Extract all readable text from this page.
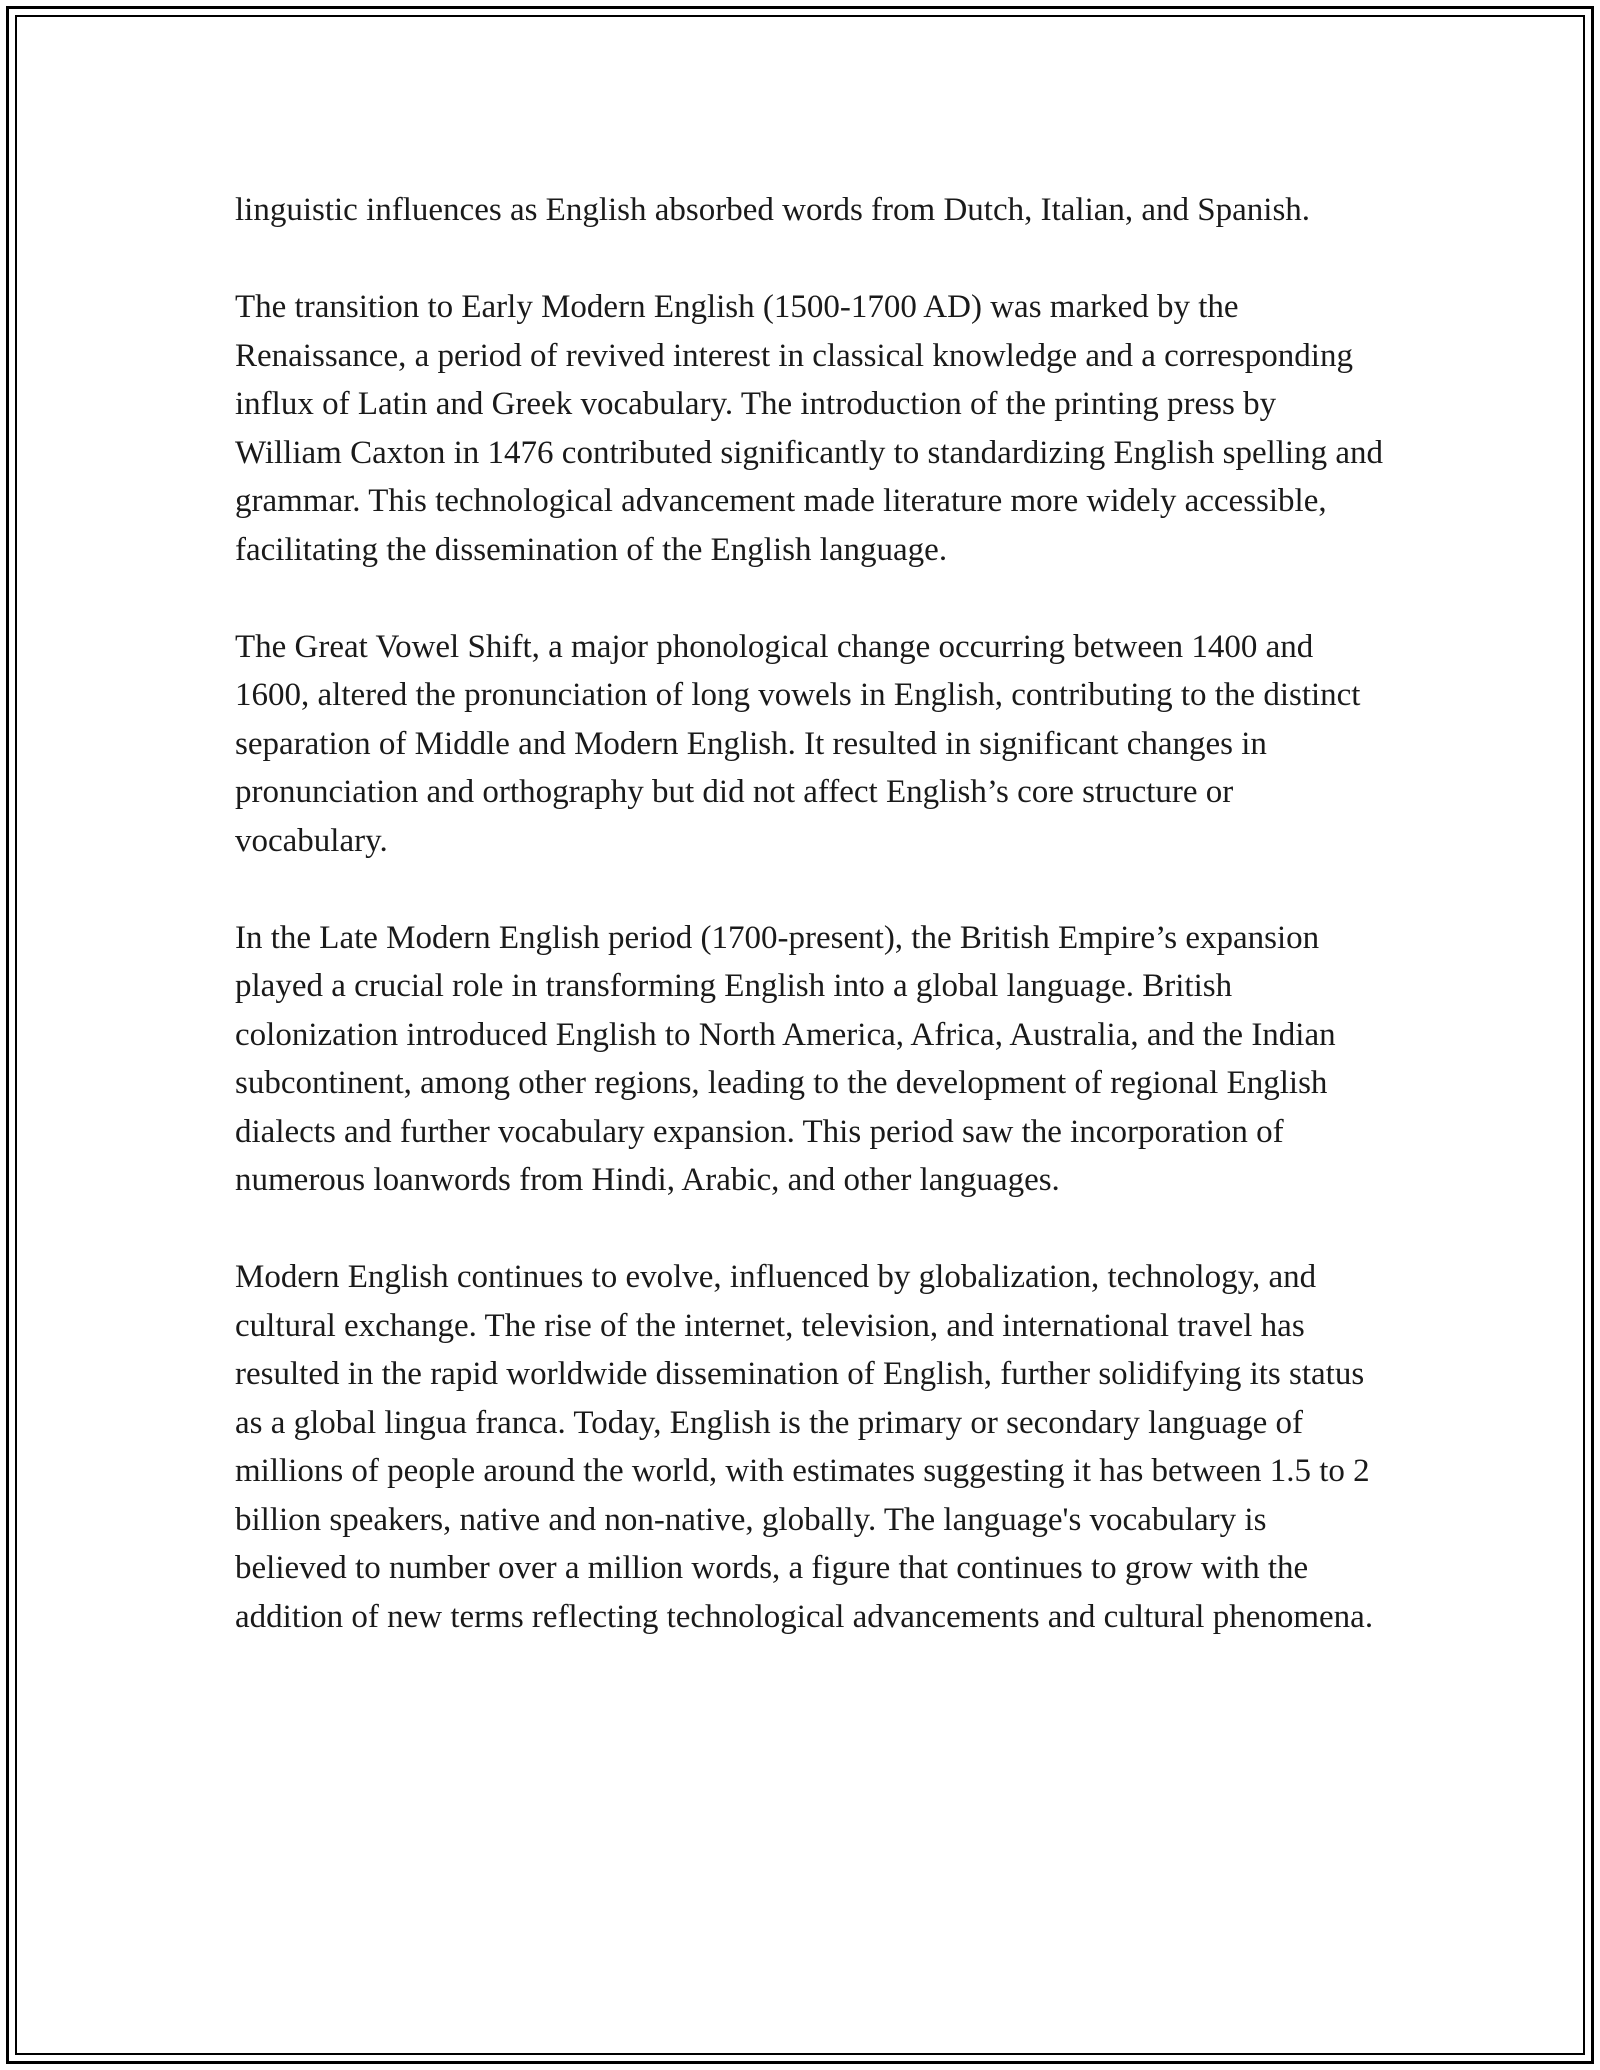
linguistic influences as English absorbed words from Dutch, Italian, and Spanish.

The transition to Early Modern English (1500-1700 AD) was marked by the Renaissance, a period of revived interest in classical knowledge and a corresponding influx of Latin and Greek vocabulary. The introduction of the printing press by William Caxton in 1476 contributed significantly to standardizing English spelling and grammar. This technological advancement made literature more widely accessible, facilitating the dissemination of the English language.

The Great Vowel Shift, a major phonological change occurring between 1400 and 1600, altered the pronunciation of long vowels in English, contributing to the distinct separation of Middle and Modern English. It resulted in significant changes in pronunciation and orthography but did not affect English’s core structure or vocabulary.

In the Late Modern English period (1700-present), the British Empire’s expansion played a crucial role in transforming English into a global language. British colonization introduced English to North America, Africa, Australia, and the Indian subcontinent, among other regions, leading to the development of regional English dialects and further vocabulary expansion. This period saw the incorporation of numerous loanwords from Hindi, Arabic, and other languages.

Modern English continues to evolve, influenced by globalization, technology, and cultural exchange. The rise of the internet, television, and international travel has resulted in the rapid worldwide dissemination of English, further solidifying its status as a global lingua franca. Today, English is the primary or secondary language of millions of people around the world, with estimates suggesting it has between 1.5 to 2 billion speakers, native and non-native, globally. The language's vocabulary is believed to number over a million words, a figure that continues to grow with the addition of new terms reflecting technological advancements and cultural phenomena.
